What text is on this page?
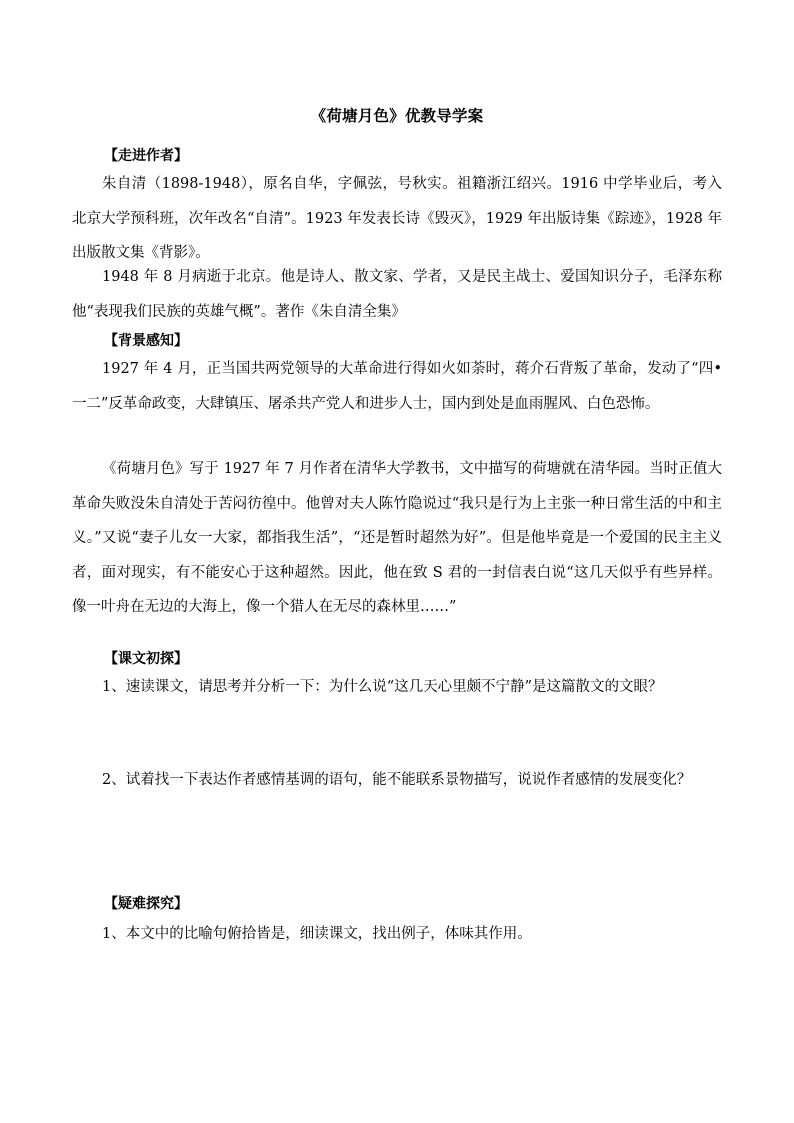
《荷塘月色》优教导学案
【走进作者】

朱自清（1898-1948），原名自华，字佩弦，号秋实。祖籍浙江绍兴。1916 中学毕业后，考入北京大学预科班，次年改名“自清”。1923 年发表长诗《毁灭》，1929 年出版诗集《踪迹》，1928 年出版散文集《背影》。

1948 年 8 月病逝于北京。他是诗人、散文家、学者，又是民主战士、爱国知识分子，毛泽东称他“表现我们民族的英雄气概”。著作《朱自清全集》

【背景感知】

1927 年 4 月，正当国共两党领导的大革命进行得如火如荼时，蒋介石背叛了革命，发动了“四•一二”反革命政变，大肆镇压、屠杀共产党人和进步人士，国内到处是血雨腥风、白色恐怖。

《荷塘月色》写于 1927 年 7 月作者在清华大学教书，文中描写的荷塘就在清华园。当时正值大革命失败没朱自清处于苦闷彷徨中。他曾对夫人陈竹隐说过“我只是行为上主张一种日常生活的中和主义。”又说“妻子儿女一大家，都指我生活”，“还是暂时超然为好”。但是他毕竟是一个爱国的民主主义者，面对现实，有不能安心于这种超然。因此，他在致 S 君的一封信表白说“这几天似乎有些异样。像一叶舟在无边的大海上，像一个猎人在无尽的森林里……”

【课文初探】

1、速读课文，请思考并分析一下：为什么说“这几天心里颇不宁静”是这篇散文的文眼？

2、试着找一下表达作者感情基调的语句，能不能联系景物描写，说说作者感情的发展变化？

【疑难探究】

1、本文中的比喻句俯拾皆是，细读课文，找出例子，体味其作用。
